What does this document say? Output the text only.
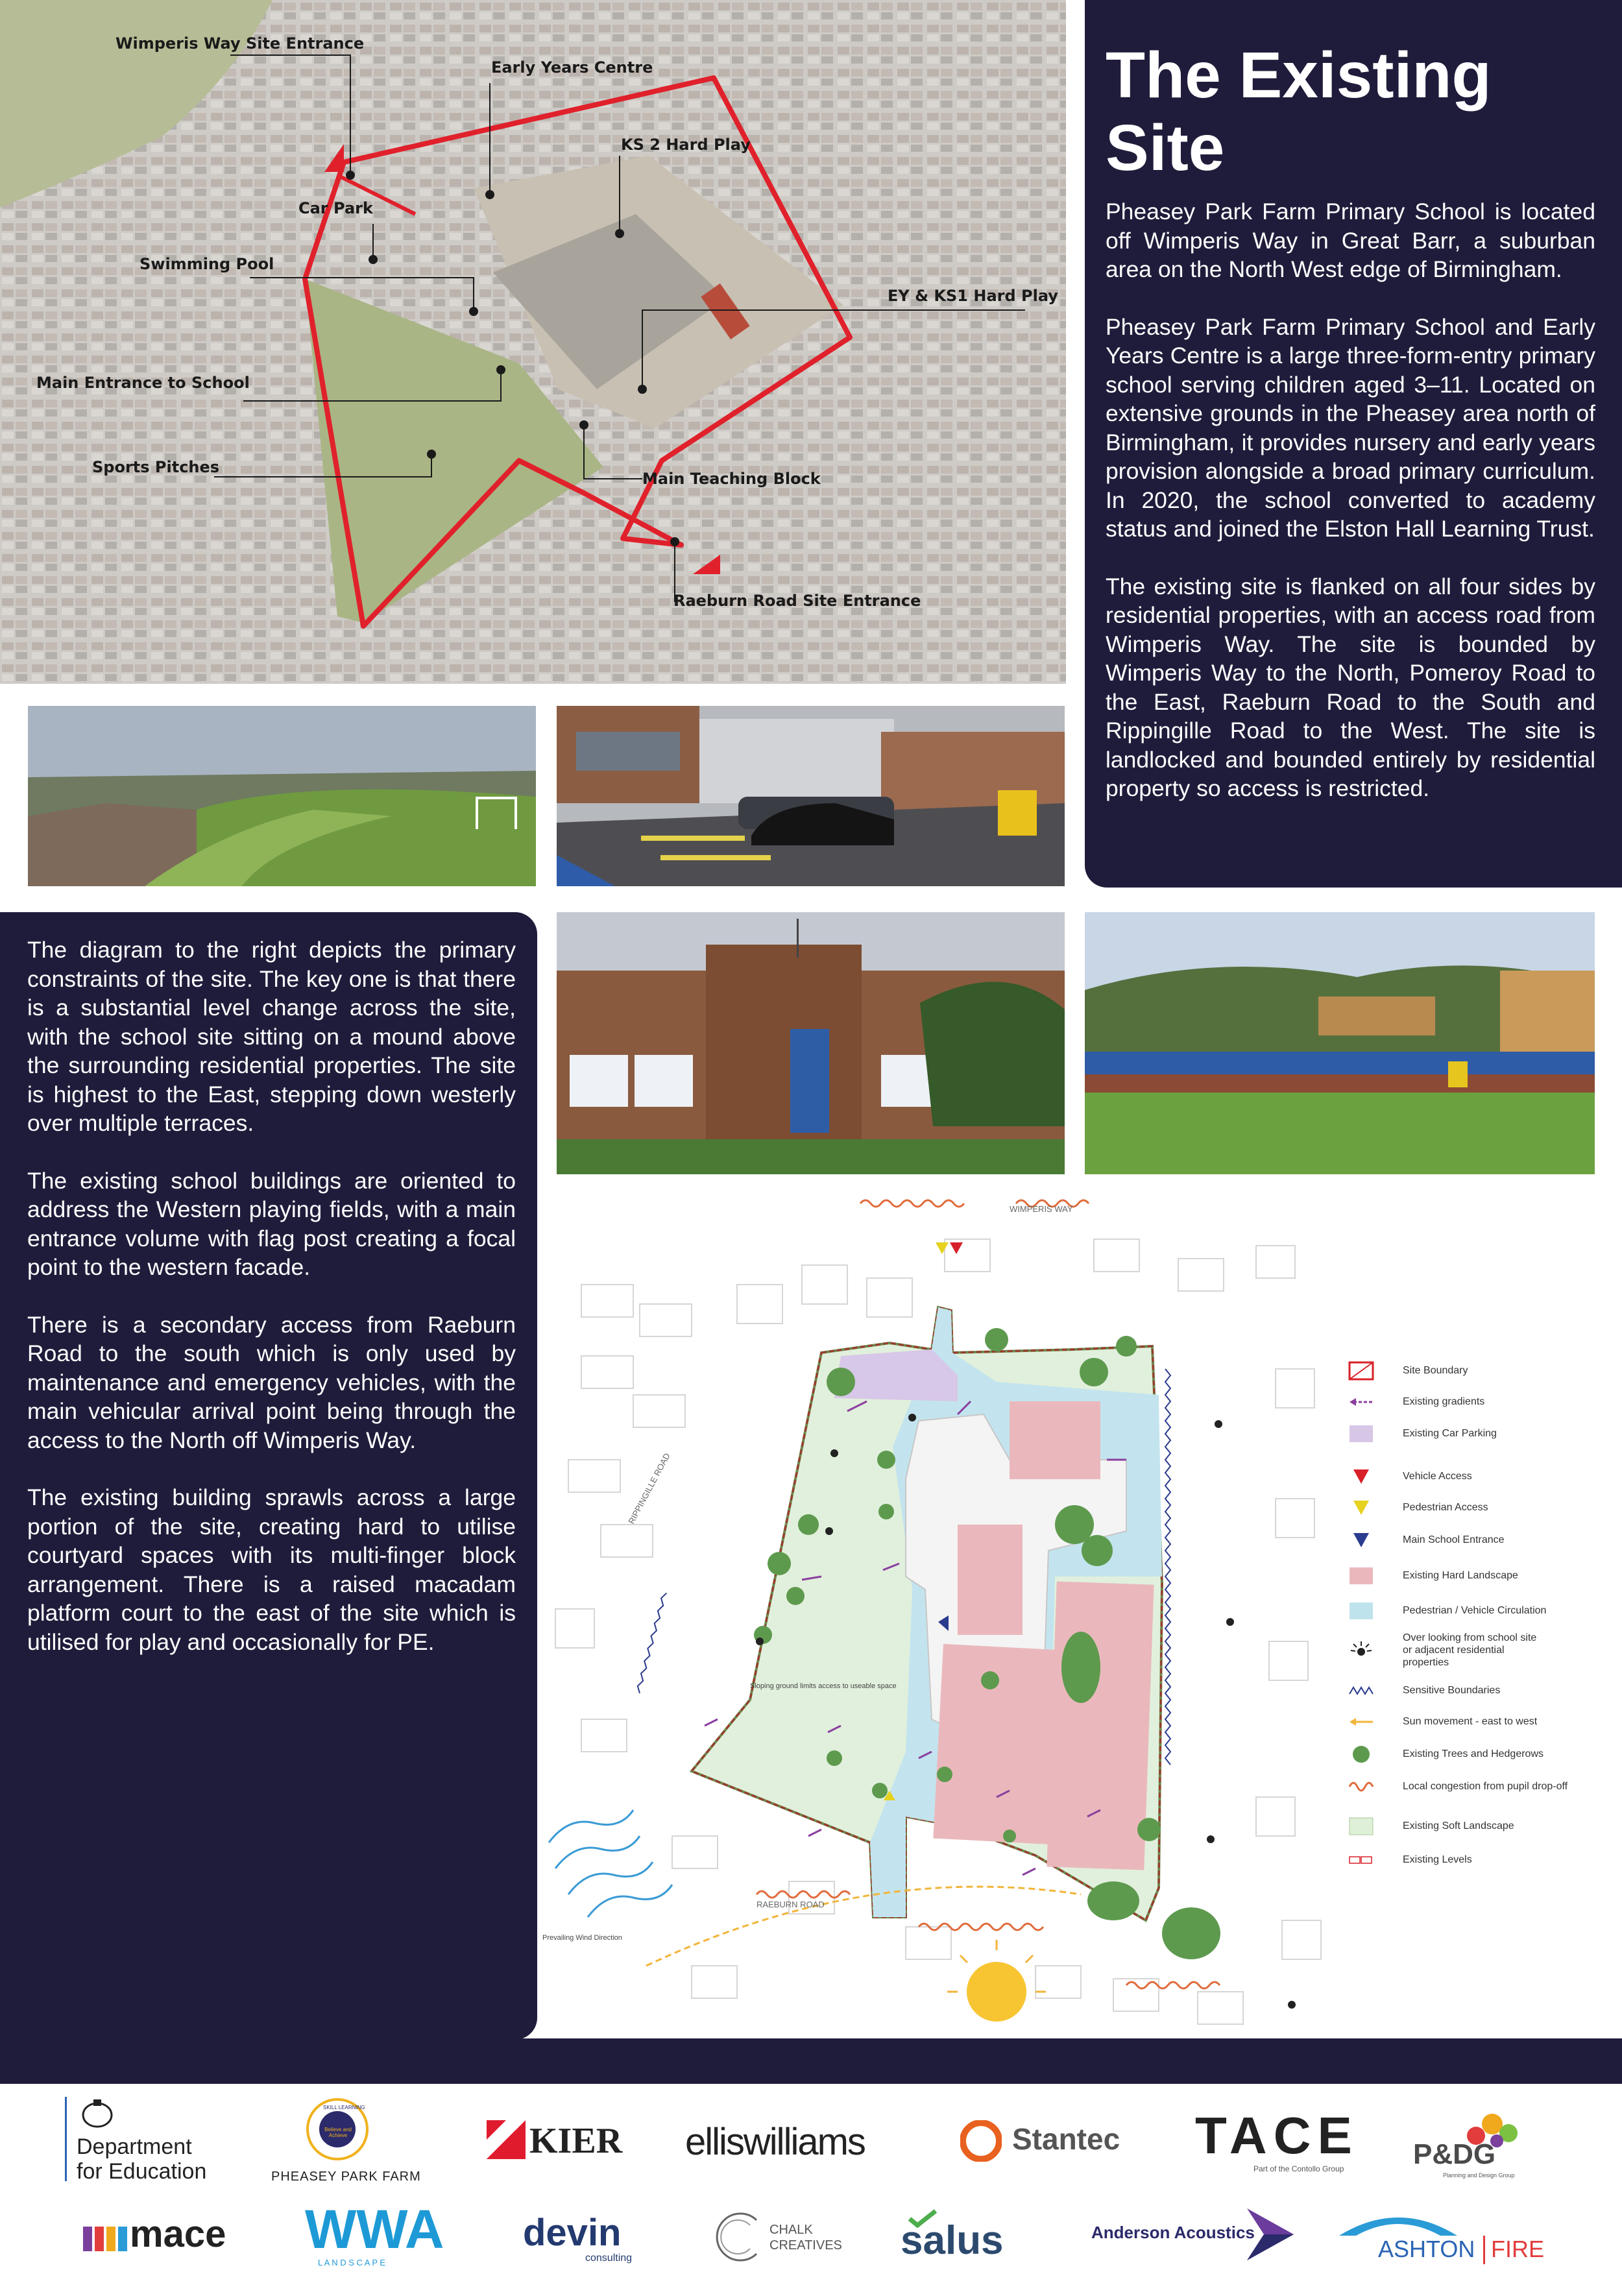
Wimperis Way Site Entrance
Early Years Centre
KS 2 Hard Play
Car Park
Swimming Pool
EY & KS1 Hard Play
Main Entrance to School
Sports Pitches
Main Teaching Block
Raeburn Road Site Entrance
The Existing
Site

Pheasey Park Farm Primary School is located off Wimperis Way in Great Barr, a suburban area on the North West edge of Birmingham.

Pheasey Park Farm Primary School and Early Years Centre is a large three-form-entry primary school serving children aged 3–11. Located on extensive grounds in the Pheasey area north of Birmingham, it provides nursery and early years provision alongside a broad primary curriculum. In 2020, the school converted to academy status and joined the Elston Hall Learning Trust.

The existing site is flanked on all four sides by residential properties, with an access road from Wimperis Way. The site is bounded by Wimperis Way to the North, Pomeroy Road to the East, Raeburn Road to the South and Rippingille Road to the West. The site is landlocked and bounded entirely by residential property so access is restricted.

The diagram to the right depicts the primary constraints of the site. The key one is that there is a substantial level change across the site, with the school site sitting on a mound above the surrounding residential properties. The site is highest to the East, stepping down westerly over multiple terraces.

The existing school buildings are oriented to address the Western playing fields, with a main entrance volume with flag post creating a focal point to the western facade.

There is a secondary access from Raeburn Road to the south which is only used by maintenance and emergency vehicles, with the main vehicular arrival point being through the access to the North off Wimperis Way.

The existing building sprawls across a large portion of the site, creating hard to utilise courtyard spaces with its multi-finger block arrangement. There is a raised macadam platform court to the east of the site which is utilised for play and occasionally for PE.

WIMPERIS WAY
RIPPINGILLE ROAD
RAEBURN ROAD
Prevailing Wind Direction
Sloping ground limits access to useable space
Site Boundary
Existing gradients
Existing Car Parking
Vehicle Access
Pedestrian Access
Main School Entrance
Existing Hard Landscape
Pedestrian / Vehicle Circulation
Over looking from school site or adjacent residential properties
Sensitive Boundaries
Sun movement - east to west
Existing Trees and Hedgerows
Local congestion from pupil drop-off
Existing Soft Landscape
Existing Levels
Department
for Education
SKILL LEARNING
Believe and Achieve
PHEASEY PARK FARM
KIER elliswilliams	Stantec TACE
Part of the Contollo Group P&DG
Planning and Design Group
mace WWA
L A N D S C A P E
devin
consulting
CHALK
CREATIVES salus	Anderson Acoustics
ASHTON FIRE
